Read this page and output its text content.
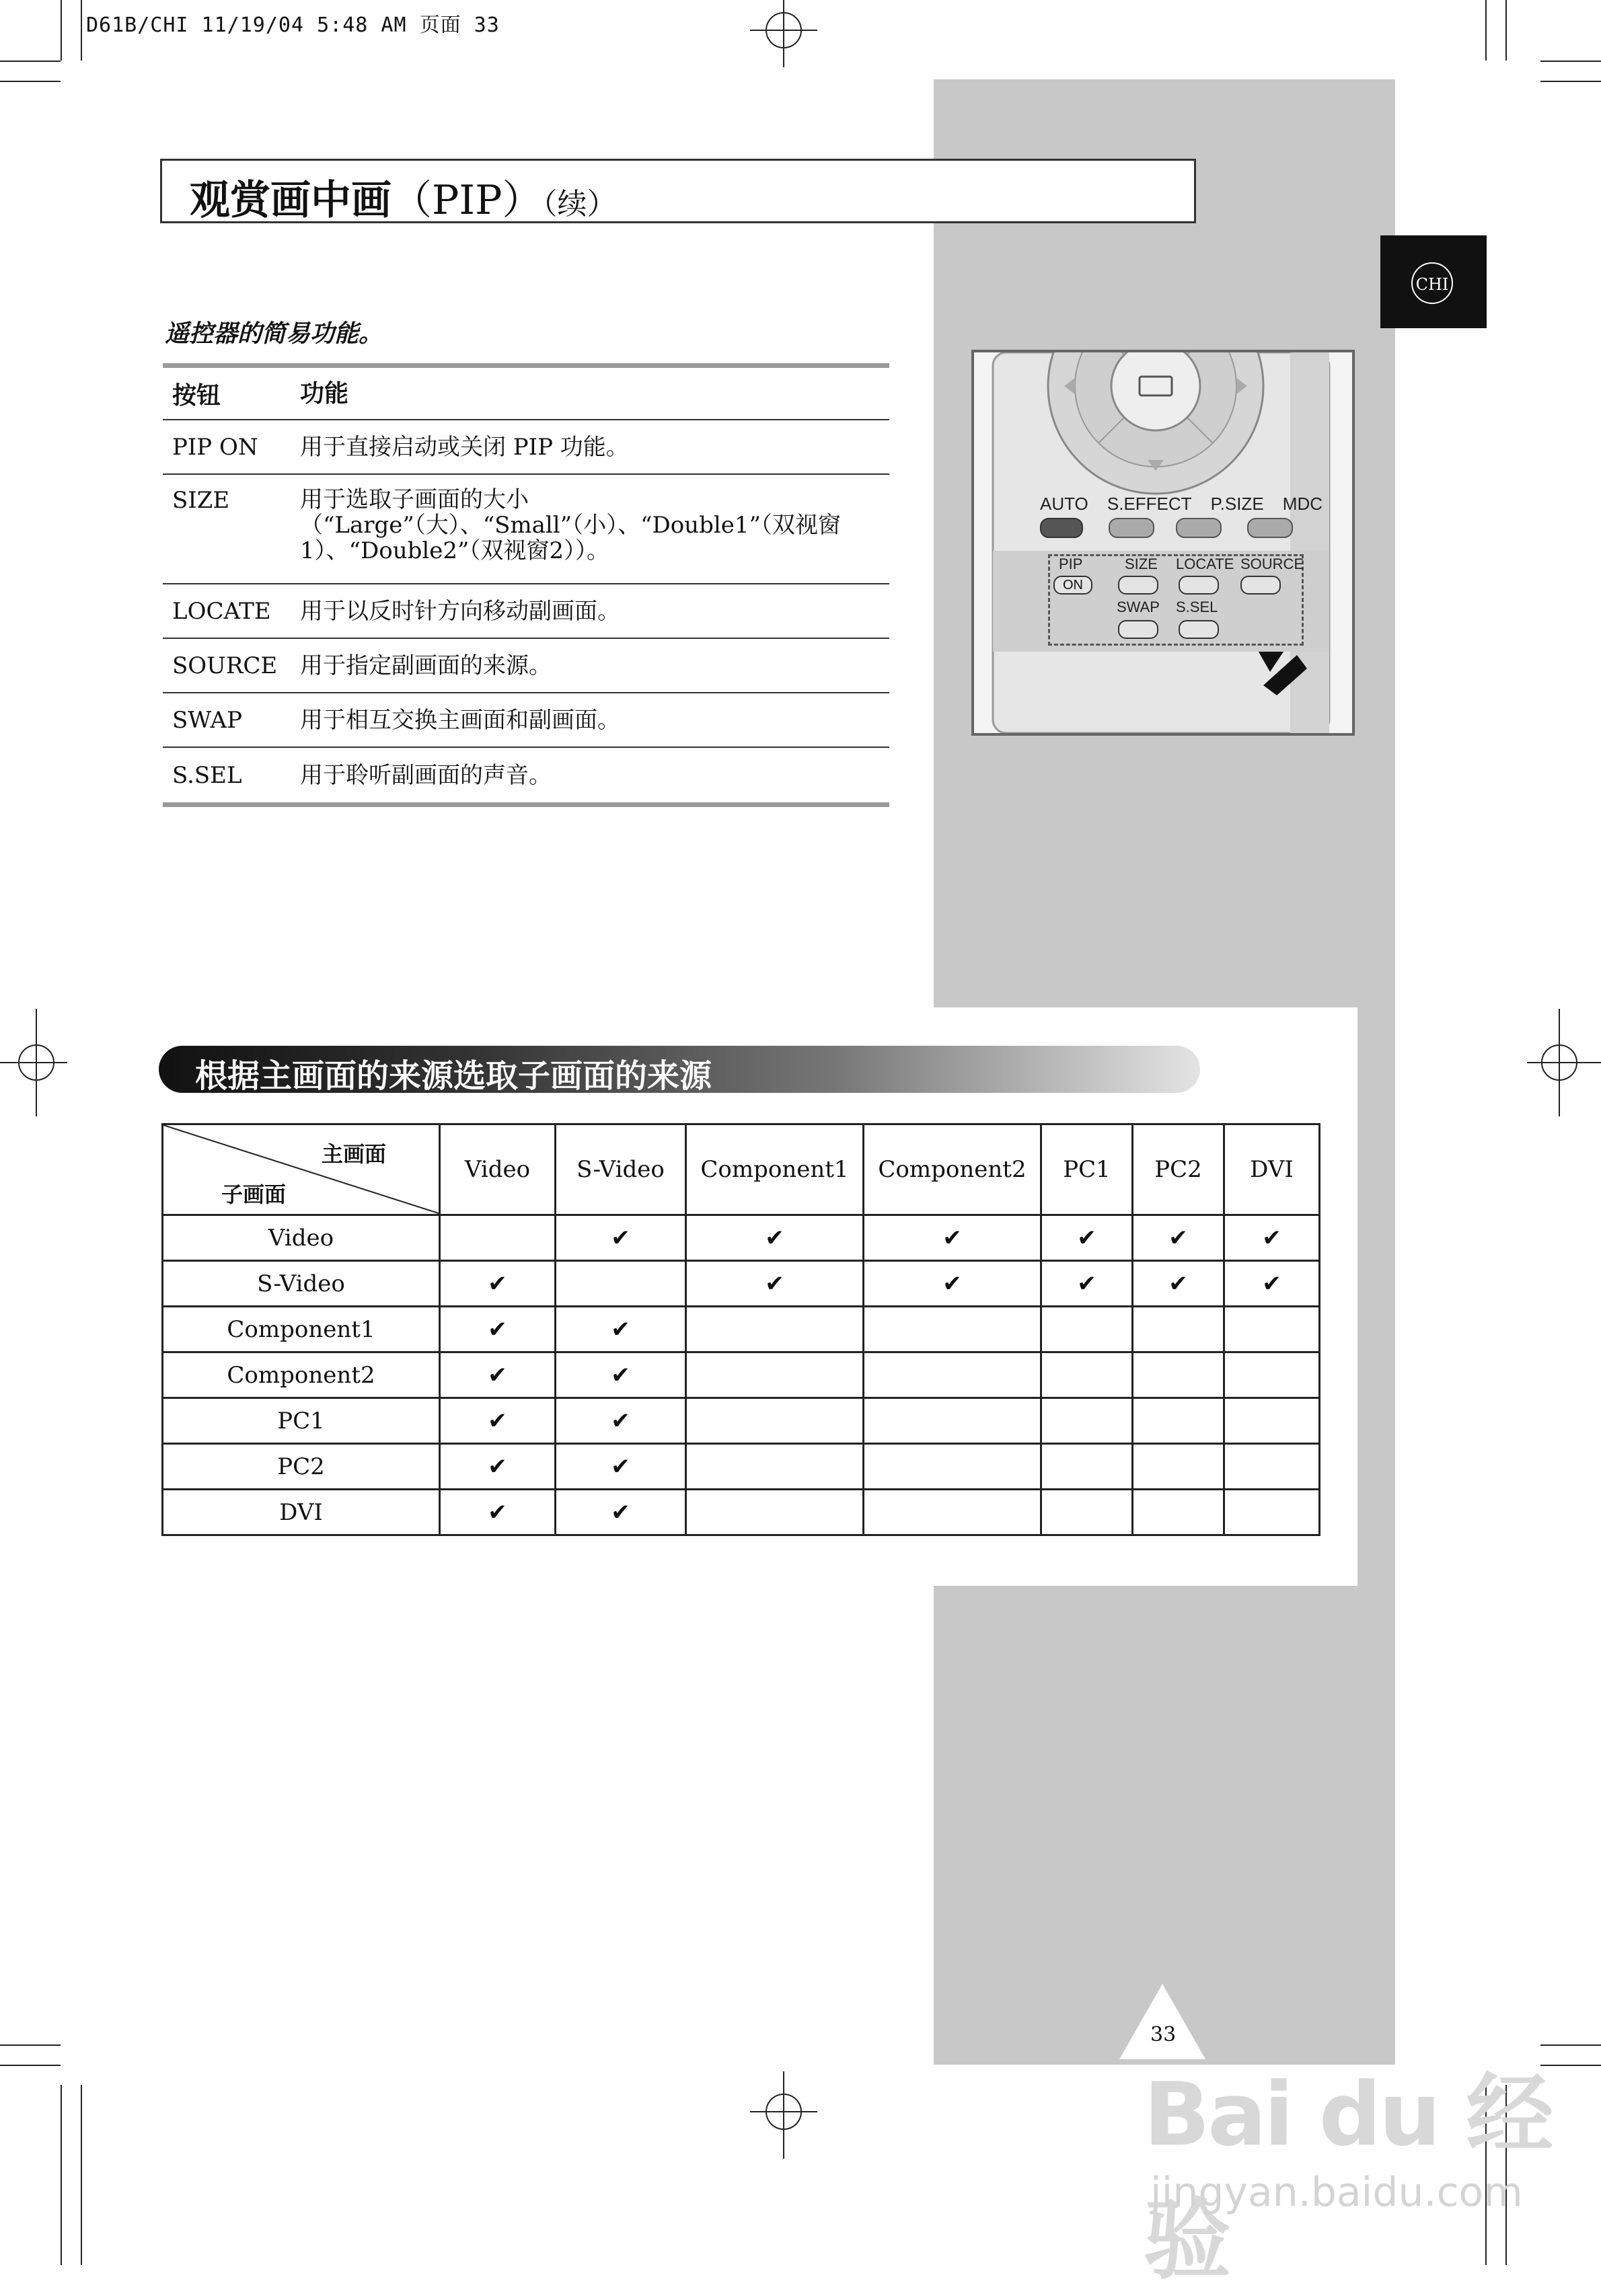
D61B/CHI 11/19/04 5:48 AM 页面 33
观赏画中画（PIP）（续）
CHI
遥控器的简易功能。
按钮	功能
PIP ON	用于直接启动或关闭 PIP 功能。
SIZE	用于选取子画面的大小（“Large”（大）、“Small”（小）、“Double1”（双视窗1）、“Double2”（双视窗2））。
LOCATE	用于以反时针方向移动副画面。
SOURCE 用于指定副画面的来源。
SWAP	用于相互交换主画面和副画面。
S.SEL	用于聆听副画面的声音。
AUTO S.EFFECT P.SIZE MDC
PIP	SIZE LOCATE SOURCE
ON
SWAP S.SEL
根据主画面的来源选取子画面的来源
主画面
子画面	Video	S-Video	Component1	Component2	PC1	PC2	DVI
Video		✔	✔	✔	✔	✔	✔
S-Video	✔		✔	✔	✔	✔	✔
Component1	✔	✔					
Component2	✔	✔					
PC1	✔	✔					
PC2	✔	✔					
DVI	✔	✔					
33
Bai du 经验
jingyan.baidu.com
